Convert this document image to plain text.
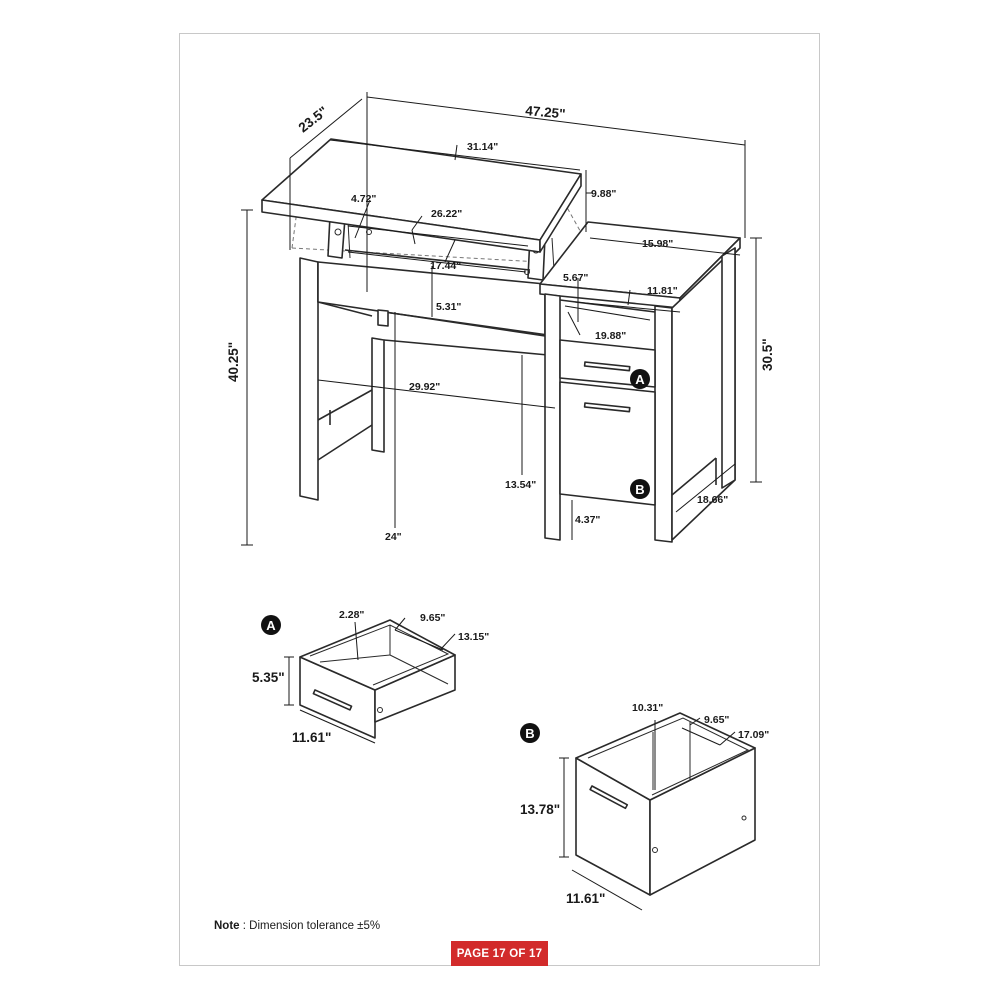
47.25"
23.5"
31.14"
4.72"	9.88"
26.22"
17.44"
5.31"
15.98"
5.67"
11.81"
19.88"
30.5"
40.25"
29.92"
13.54"
24"
18.66"
4.37"
A
B
A
2.28"	9.65"
13.15"
5.35"
11.61"	B
10.31"
9.65"
17.09"
13.78"
11.61"
Note : Dimension tolerance ±5%
PAGE 17 OF 17
